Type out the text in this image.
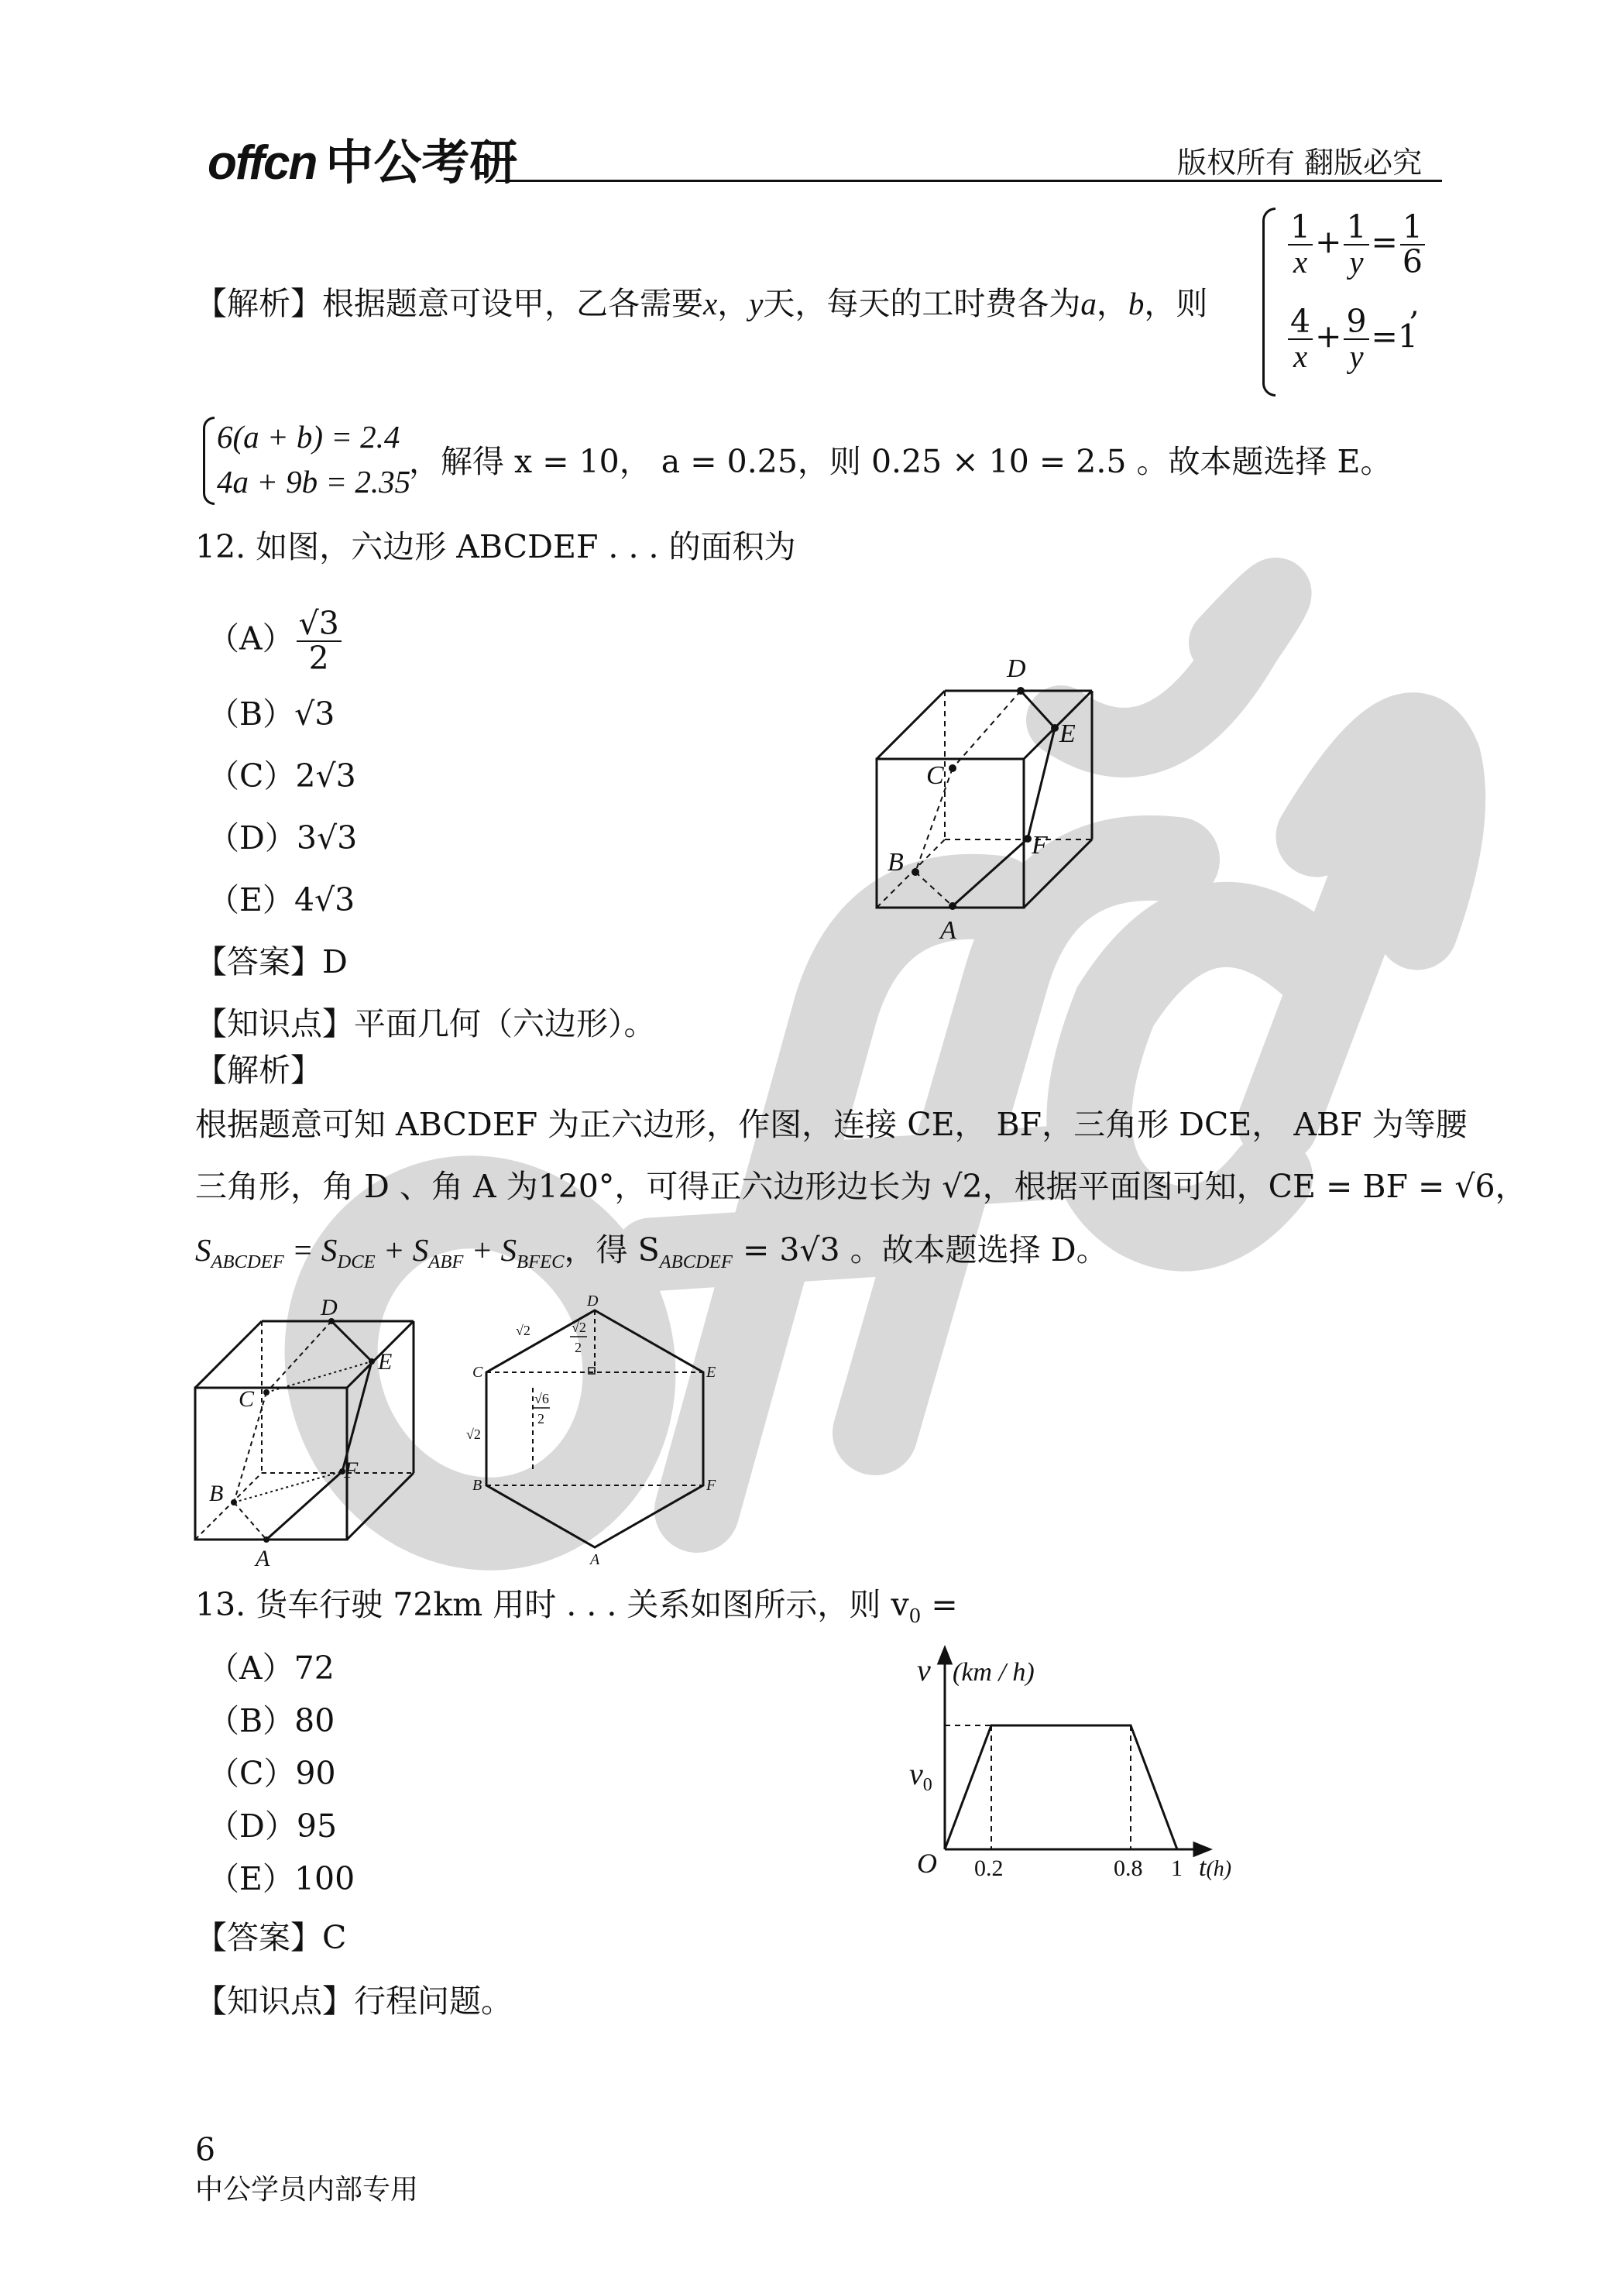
offcn 中公考研	版权所有 翻版必究
【解析】根据题意可设甲，乙各需要x，y天，每天的工时费各为a，b，则
$\frac{1}{x} + \frac{1}{y} = \frac{1}{6}$
,
$\frac{4}{x} + \frac{9}{y} =1$
6(a + b) = 2.4
4a + 9b = 2.35
，解得 x = 10， a = 0.25，则 0.25 × 10 = 2.5 。故本题选择 E。
12. 如图，六边形 ABCDEF . . . 的面积为
$(A) \frac{√3}{2}$
（B）√3
（C）2√3
（D）3√3
（E）4√3
D
E
C
F
B
A
【答案】D
【知识点】平面几何（六边形）。
【解析】
根据题意可知 ABCDEF 为正六边形，作图，连接 CE， BF，三角形 DCE， ABF 为等腰
三角形，角 D 、角 A 为120°，可得正六边形边长为 √2，根据平面图可知，CE = BF = √6，
$S_{ABCDEF} = S_{DCE} + S_{ABF} + S_{BFEC}$，得 $S_{ABCDEF} = 3√3$ 。故本题选择 D。
D
E
C
F
B
A
D
E
C
F
B
A
√2
√2
√2
2
√6
2
13. 货车行驶 72km 用时 . . . 关系如图所示，则 $v_0$ =
（A）72
（B）80
（C）90
（D）95
（E）100	0.2	0.8 1
v (km / h)
$v_0$
O	t(h)
【答案】C
【知识点】行程问题。
6
中公学员内部专用
